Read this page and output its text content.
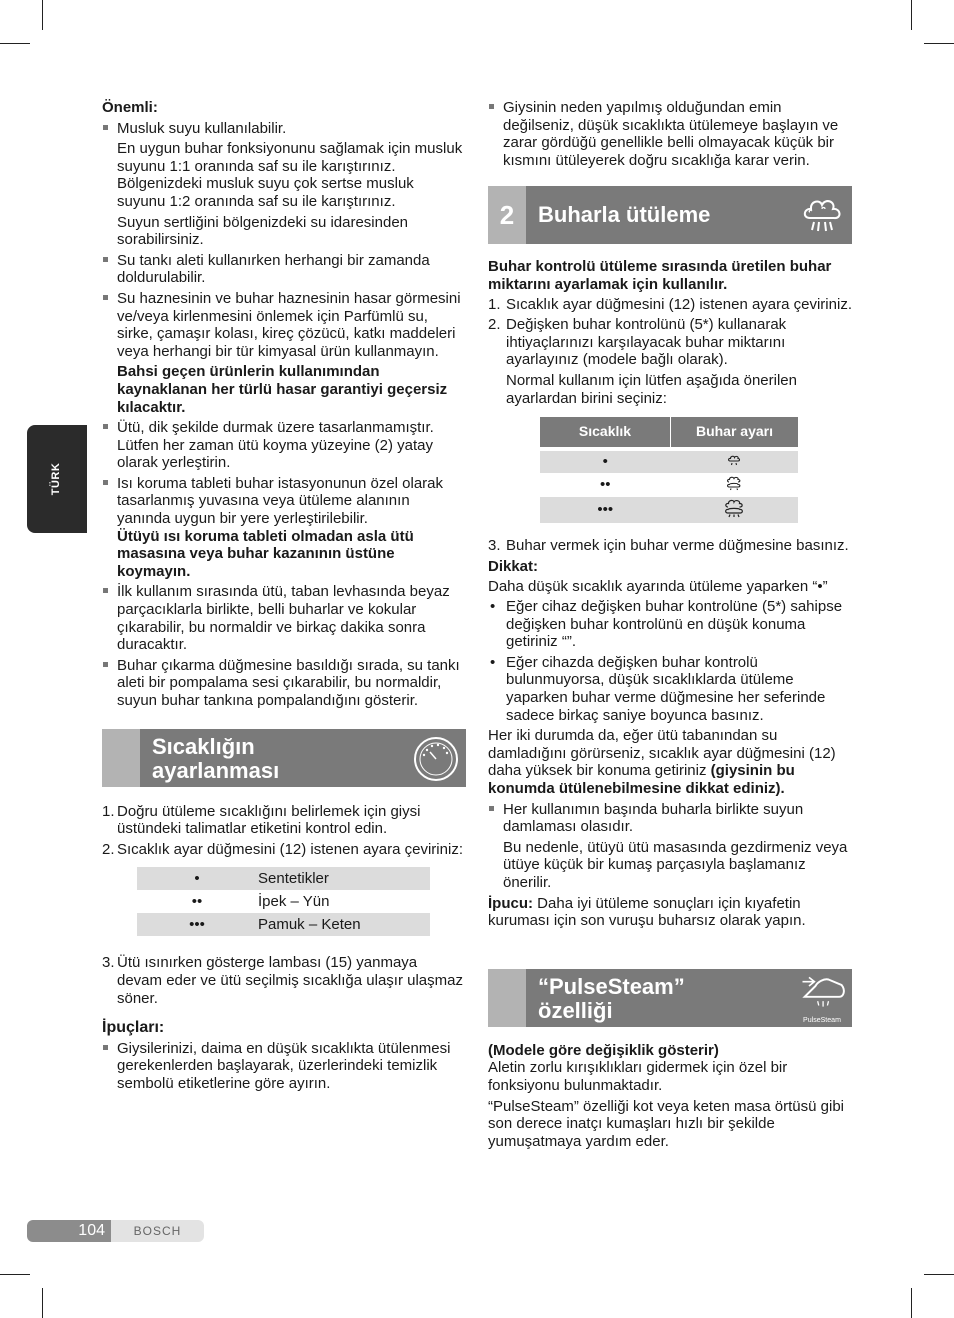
TÜRK

Önemli:

Musluk suyu kullanılabilir.

En uygun buhar fonksiyonunu sağlamak için musluk suyunu 1:1 oranında saf su ile karıştırınız. Bölgenizdeki musluk suyu çok sertse musluk suyunu 1:2 oranında saf su ile karıştırınız.

Suyun sertliğini bölgenizdeki su idaresinden sorabilirsiniz.

Su tankı aleti kullanırken herhangi bir zamanda doldurulabilir.

Su haznesinin ve buhar haznesinin hasar görmesini ve/veya kirlenmesini önlemek için Parfümlü su, sirke, çamaşır kolası, kireç çözücü, katkı maddeleri veya herhangi bir tür kimyasal ürün kullanmayın.

Bahsi geçen ürünlerin kullanımından kaynaklanan her türlü hasar garantiyi geçersiz kılacaktır.

Ütü, dik şekilde durmak üzere tasarlanmamıştır. Lütfen her zaman ütü koyma yüzeyine (2) yatay olarak yerleştirin.

Isı koruma tableti buhar istasyonunun özel olarak tasarlanmış yuvasına veya ütüleme alanının yanında uygun bir yere yerleştirilebilir.

Ütüyü ısı koruma tableti olmadan asla ütü masasına veya buhar kazanının üstüne koymayın.

İlk kullanım sırasında ütü, taban levhasında beyaz parçacıklarla birlikte, belli buharlar ve kokular çıkarabilir, bu normaldir ve birkaç dakika sonra duracaktır.

Buhar çıkarma düğmesine basıldığı sırada, su tankı aleti bir pompalama sesi çıkarabilir, bu normaldir, suyun buhar tankına pompalandığını gösterir.

Sıcaklığın
ayarlanması
1. Doğru ütüleme sıcaklığını belirlemek için giysi üstündeki talimatlar etiketini kontrol edin.

2. Sıcaklık ayar düğmesini (12) istenen ayara çeviriniz:

•	Sentetikler
••	İpek – Yün
•••	Pamuk – Keten
3. Ütü ısınırken gösterge lambası (15) yanmaya devam eder ve ütü seçilmiş sıcaklığa ulaşır ulaşmaz söner.

İpuçları:

Giysilerinizi, daima en düşük sıcaklıkta ütülenmesi gerekenlerden başlayarak, üzerlerindeki temizlik sembolü etiketlerine göre ayırın.

Giysinin neden yapılmış olduğundan emin değilseniz, düşük sıcaklıkta ütülemeye başlayın ve zarar gördüğü genellikle belli olmayacak küçük bir kısmını ütüleyerek doğru sıcaklığa karar verin.

2	Buharla ütüleme

Buhar kontrolü ütüleme sırasında üretilen buhar miktarını ayarlamak için kullanılır.

1. Sıcaklık ayar düğmesini (12) istenen ayara çeviriniz.

2. Değişken buhar kontrolünü (5*) kullanarak ihtiyaçlarınızı karşılayacak buhar miktarını ayarlayınız (modele bağlı olarak).

Normal kullanım için lütfen aşağıda önerilen ayarlardan birini seçiniz:

Sıcaklık	Buhar ayarı

•	
••	
•••	
3. Buhar vermek için buhar verme düğmesine basınız.

Dikkat:

Daha düşük sıcaklık ayarında ütüleme yaparken “•”

• Eğer cihaz değişken buhar kontrolüne (5*) sahipse değişken buhar kontrolünü en düşük konuma getiriniz “”.

• Eğer cihazda değişken buhar kontrolü bulunmuyorsa, düşük sıcaklıklarda ütüleme yaparken buhar verme düğmesine her seferinde sadece birkaç saniye boyunca basınız.

Her iki durumda da, eğer ütü tabanından su damladığını görürseniz, sıcaklık ayar düğmesini (12) daha yüksek bir konuma getiriniz (giysinin bu konumda ütülenebilmesine dikkat ediniz).

Her kullanımın başında buharla birlikte suyun damlaması olasıdır.

Bu nedenle, ütüyü ütü masasında gezdirmeniz veya ütüye küçük bir kumaş parçasıyla başlamanız önerilir.

İpucu: Daha iyi ütüleme sonuçları için kıyafetin kuruması için son vuruşu buharsız olarak yapın.

“PulseSteam”
özelliği	PulseSteam

(Modele göre değişiklik gösterir)

Aletin zorlu kırışıklıkları gidermek için özel bir fonksiyonu bulunmaktadır.

“PulseSteam” özelliği kot veya keten masa örtüsü gibi son derece inatçı kumaşları hızlı bir şekilde yumuşatmaya yardım eder.

104	BOSCH
